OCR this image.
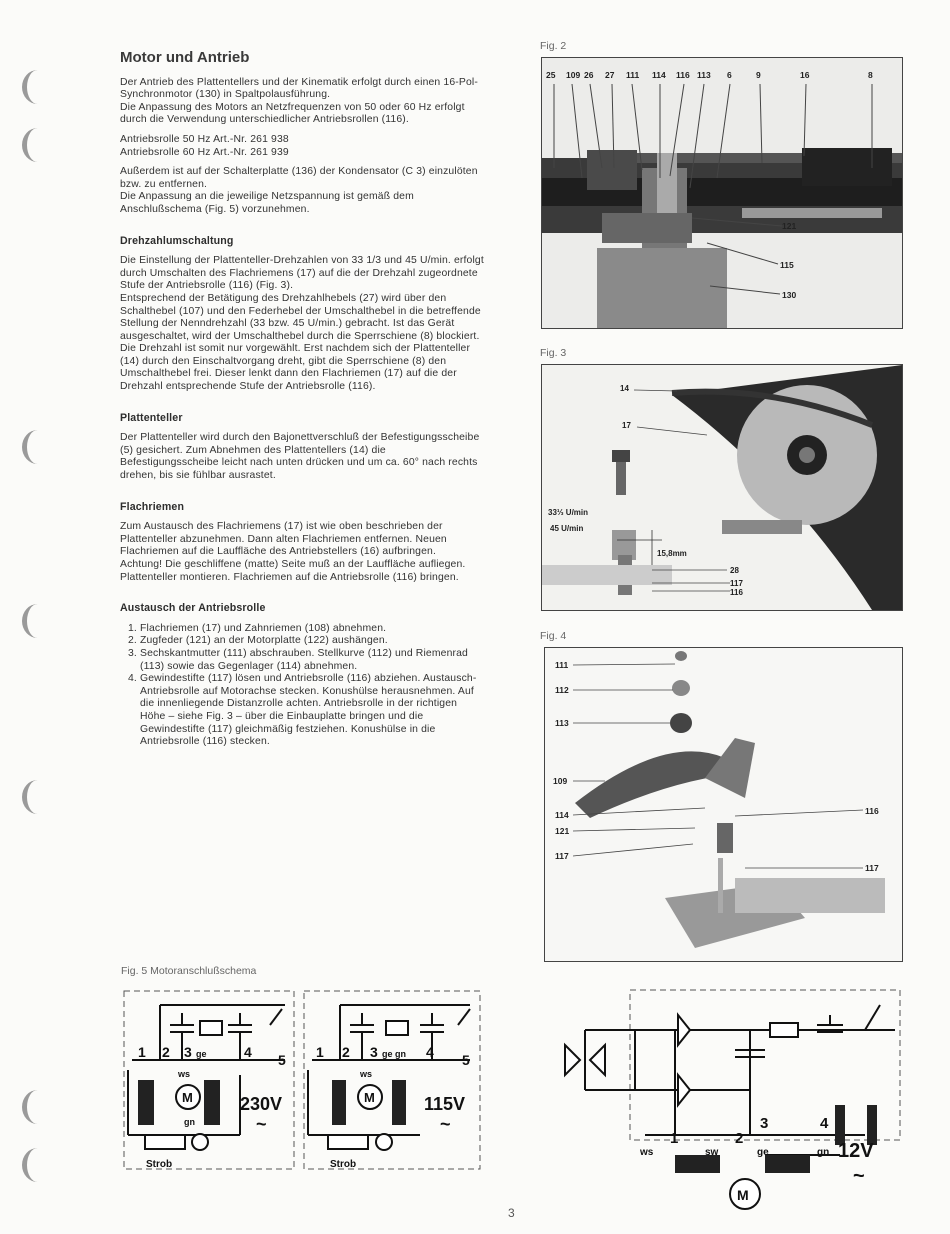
Motor und Antrieb

Der Antrieb des Plattentellers und der Kinematik erfolgt durch einen 16-Pol-Synchronmotor (130) in Spaltpolausführung.

Die Anpassung des Motors an Netzfrequenzen von 50 oder 60 Hz erfolgt durch die Verwendung unterschiedlicher Antriebsrollen (116).

Antriebsrolle 50 Hz Art.-Nr. 261 938

Antriebsrolle 60 Hz Art.-Nr. 261 939

Außerdem ist auf der Schalterplatte (136) der Kondensator (C 3) einzulöten bzw. zu entfernen.

Die Anpassung an die jeweilige Netzspannung ist gemäß dem Anschlußschema (Fig. 5) vorzunehmen.

Drehzahlumschaltung

Die Einstellung der Plattenteller-Drehzahlen von 33 1/3 und 45 U/min. erfolgt durch Umschalten des Flachriemens (17) auf die der Drehzahl zugeordnete Stufe der Antriebsrolle (116) (Fig. 3).

Entsprechend der Betätigung des Drehzahlhebels (27) wird über den Schalthebel (107) und den Federhebel der Umschalthebel in die betreffende Stellung der Nenndrehzahl (33 bzw. 45 U/min.) gebracht. Ist das Gerät ausgeschaltet, wird der Umschalthebel durch die Sperrschiene (8) blockiert. Die Drehzahl ist somit nur vorgewählt. Erst nachdem sich der Plattenteller (14) durch den Einschaltvorgang dreht, gibt die Sperrschiene (8) den Umschalthebel frei. Dieser lenkt dann den Flachriemen (17) auf die der Drehzahl entsprechende Stufe der Antriebsrolle (116).

Plattenteller

Der Plattenteller wird durch den Bajonettverschluß der Befestigungsscheibe (5) gesichert. Zum Abnehmen des Plattentellers (14) die Befestigungsscheibe leicht nach unten drücken und um ca. 60° nach rechts drehen, bis sie fühlbar ausrastet.

Flachriemen

Zum Austausch des Flachriemens (17) ist wie oben beschrieben der Plattenteller abzunehmen. Dann alten Flachriemen entfernen. Neuen Flachriemen auf die Lauffläche des Antriebstellers (16) aufbringen.

Achtung! Die geschliffene (matte) Seite muß an der Lauffläche aufliegen. Plattenteller montieren. Flachriemen auf die Antriebsrolle (116) bringen.

Austausch der Antriebsrolle
1. Flachriemen (17) und Zahnriemen (108) abnehmen.
2. Zugfeder (121) an der Motorplatte (122) aushängen.
3. Sechskantmutter (111) abschrauben. Stellkurve (112) und Riemenrad (113) sowie das Gegenlager (114) abnehmen.
4. Gewindestifte (117) lösen und Antriebsrolle (116) abziehen. Austausch-Antriebsrolle auf Motorachse stecken. Konushülse herausnehmen. Auf die innenliegende Distanzrolle achten. Antriebsrolle in der richtigen Höhe – siehe Fig. 3 – über die Einbauplatte bringen und die Gewindestifte (117) gleichmäßig festziehen. Konushülse in die Antriebsrolle (116) stecken.
Fig. 2
25 109 26 27 111 114 116 113 6	9	16	8
121
115
130
Fig. 3
14
17
33⅓ U/min
45 U/min
15,8mm
28
117
116
Fig. 4
111
112
113
109
114
121
117
116
117
Fig. 5 Motoranschlußschema
M
1 2 3 ge	4 5
ws
gn
230V
~
Strob
M
1 2 3 ge gn 4 5
ws
115V
~
Strob
M
1	2
3	4
ws	sw	ge	gn 12V
~
3
